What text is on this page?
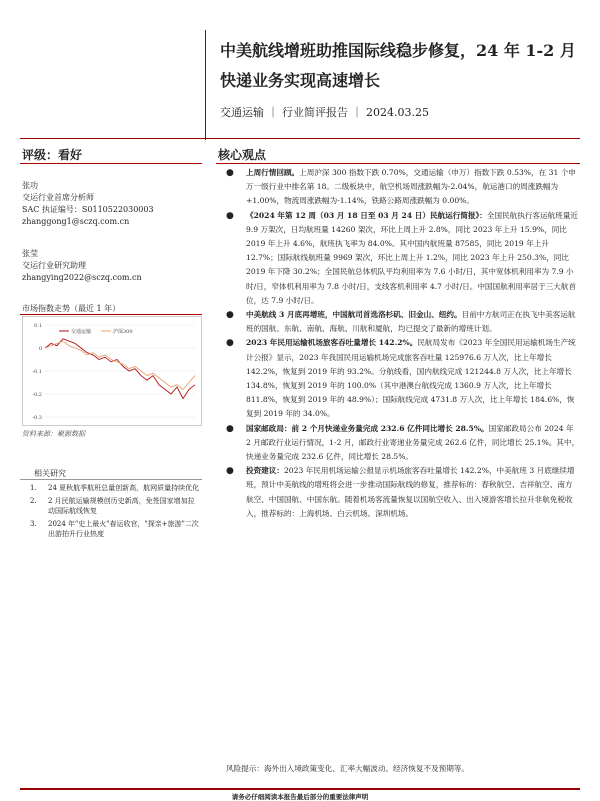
中美航线增班助推国际线稳步修复，24 年 1-2 月快递业务实现高速增长
交通运输 ｜ 行业简评报告 ｜ 2024.03.25
评级：看好	核心观点
张功
交运行业首席分析师
SAC 执证编号：S0110522030003
zhanggong1@sczq.com.cn
张莹
交运行业研究助理
zhangying2022@sczq.com.cn
市场指数走势（最近 1 年）
0.1
0
-0.1
-0.2
-0.3
交通运输	沪深300
资料来源：聚源数据
相关研究
1. 24 夏秋航季航班总量创新高，航网质量持续优化
2. 2 月民航运输规模创历史新高，免签国家增加拉动国际航线恢复
3. 2024 年"史上最火"春运收官，"探亲+旅游"二次出游拍升行业热度
● 上周行情回顾。上周沪深 300 指数下跌 0.70%，交通运输（申万）指数下跌 0.53%，在 31 个申万一级行业中排名第 18。二级板块中，航空机场周涨跌幅为-2.04%，航运港口的周涨跌幅为+1.00%，物流周涨跌幅为-1.14%，铁路公路周涨跌幅为 0.00%。
● 《2024 年第 12 周（03 月 18 日至 03 月 24 日）民航运行简报》：全国民航执行客运航班量近 9.9 万架次，日均航班量 14260 架次，环比上周上升 2.8%，同比 2023 年上升 15.9%，同比 2019 年上升 4.6%，航班执飞率为 84.0%。其中国内航班量 87585，同比 2019 年上升 12.7%；国际航线航班量 9969 架次，环比上周上升 1.2%，同比 2023 年上升 250.3%，同比 2019 年下降 30.2%；全国民航总体机队平均利用率为 7.6 小时/日，其中宽体机利用率为 7.9 小时/日，窄体机利用率为 7.8 小时/日，支线客机利用率 4.7 小时/日。中国国航利用率居于三大航首位，达 7.9 小时/日。
● 中美航线 3 月底再增班，中国航司首选洛杉矶、旧金山、纽约。目前中方航司正在执飞中美客运航班的国航、东航、南航、海航、川航和厦航，均已提交了最新的增班计划。
● 2023 年民用运输机场旅客吞吐量增长 142.2%。民航局发布《2023 年全国民用运输机场生产统计公报》显示，2023 年我国民用运输机场完成旅客吞吐量 125976.6 万人次，比上年增长 142.2%，恢复到 2019 年的 93.2%。分航线看，国内航线完成 121244.8 万人次，比上年增长 134.8%，恢复到 2019 年的 100.0%（其中港澳台航线完成 1360.9 万人次，比上年增长 811.8%，恢复到 2019 年的 48.9%）；国际航线完成 4731.8 万人次，比上年增长 184.6%，恢复到 2019 年的 34.0%。
● 国家邮政局：前 2 个月快递业务量完成 232.6 亿件同比增长 28.5%。国家邮政局公布 2024 年 2 月邮政行业运行情况，1-2 月，邮政行业寄递业务量完成 262.6 亿件，同比增长 25.1%。其中，快递业务量完成 232.6 亿件，同比增长 28.5%。
● 投资建议：2023 年民用机场运输公报显示机场旅客吞吐量增长 142.2%，中美航班 3 月底继续增班，预计中美航线的增班将会进一步推动国际航线的修复，推荐标的：春秋航空、吉祥航空、南方航空、中国国航、中国东航。随着机场客流量恢复以国航空收入、出入境游客增长拉升非航免税收入，推荐标的：上海机场、白云机场、深圳机场。
风险提示：海外出入境政策变化、汇率大幅波动、经济恢复不及预期等。
请务必仔细阅读本报告最后部分的重要法律声明
